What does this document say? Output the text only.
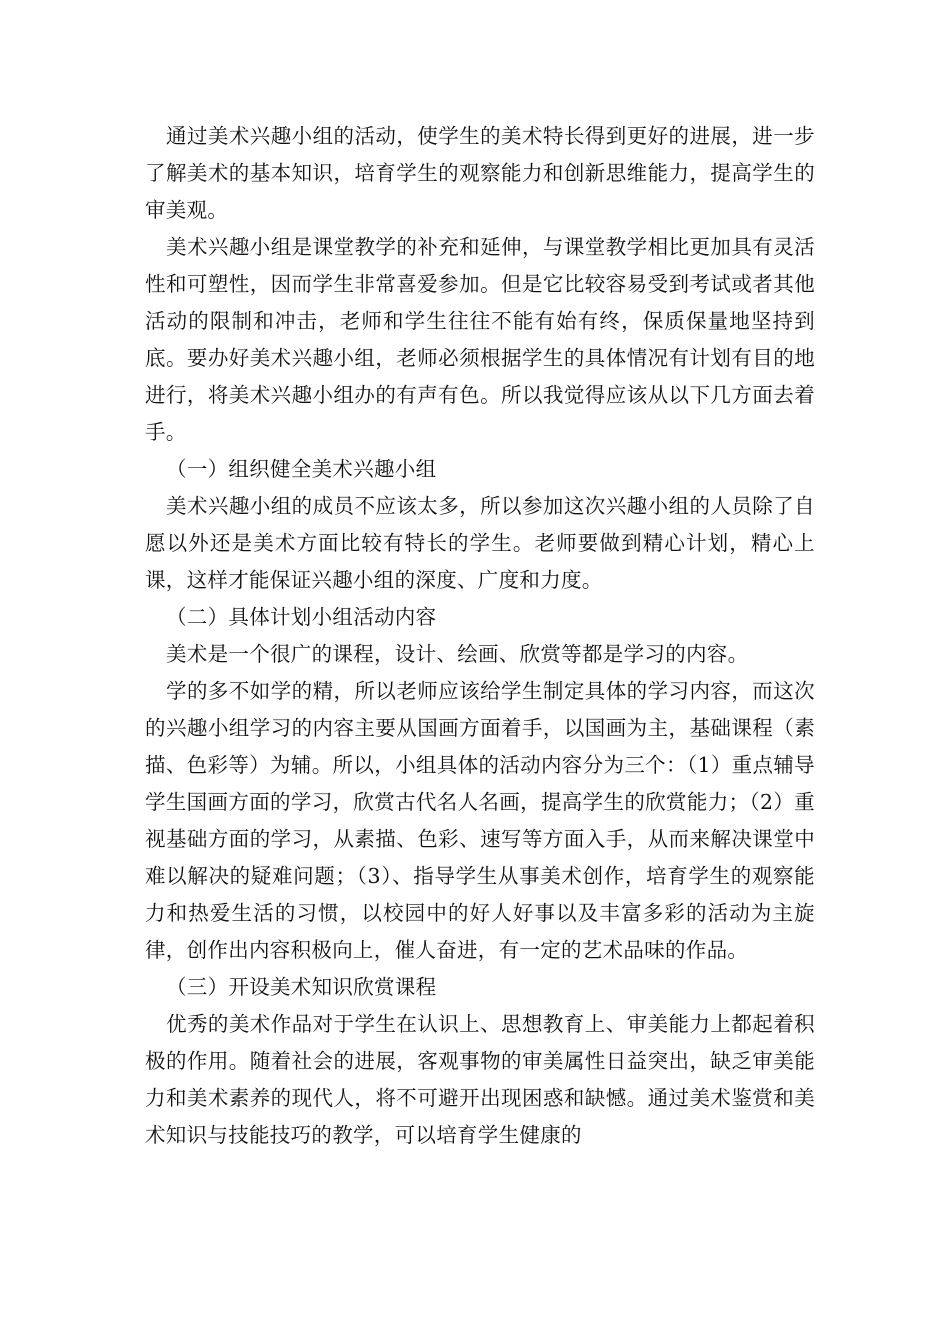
通过美术兴趣小组的活动，使学生的美术特长得到更好的进展，进一步了解美术的基本知识，培育学生的观察能力和创新思维能力，提高学生的审美观。

美术兴趣小组是课堂教学的补充和延伸，与课堂教学相比更加具有灵活性和可塑性，因而学生非常喜爱参加。但是它比较容易受到考试或者其他活动的限制和冲击，老师和学生往往不能有始有终，保质保量地坚持到底。要办好美术兴趣小组，老师必须根据学生的具体情况有计划有目的地进行，将美术兴趣小组办的有声有色。所以我觉得应该从以下几方面去着手。

（一）组织健全美术兴趣小组

美术兴趣小组的成员不应该太多，所以参加这次兴趣小组的人员除了自愿以外还是美术方面比较有特长的学生。老师要做到精心计划，精心上课，这样才能保证兴趣小组的深度、广度和力度。

（二）具体计划小组活动内容

美术是一个很广的课程，设计、绘画、欣赏等都是学习的内容。

学的多不如学的精，所以老师应该给学生制定具体的学习内容，而这次的兴趣小组学习的内容主要从国画方面着手，以国画为主，基础课程（素描、色彩等）为辅。所以，小组具体的活动内容分为三个：（1）重点辅导学生国画方面的学习，欣赏古代名人名画，提高学生的欣赏能力；（2）重视基础方面的学习，从素描、色彩、速写等方面入手，从而来解决课堂中难以解决的疑难问题；（3）、指导学生从事美术创作，培育学生的观察能力和热爱生活的习惯，以校园中的好人好事以及丰富多彩的活动为主旋律，创作出内容积极向上，催人奋进，有一定的艺术品味的作品。

（三）开设美术知识欣赏课程

优秀的美术作品对于学生在认识上、思想教育上、审美能力上都起着积极的作用。随着社会的进展，客观事物的审美属性日益突出，缺乏审美能力和美术素养的现代人，将不可避开出现困惑和缺憾。通过美术鉴赏和美术知识与技能技巧的教学，可以培育学生健康的
